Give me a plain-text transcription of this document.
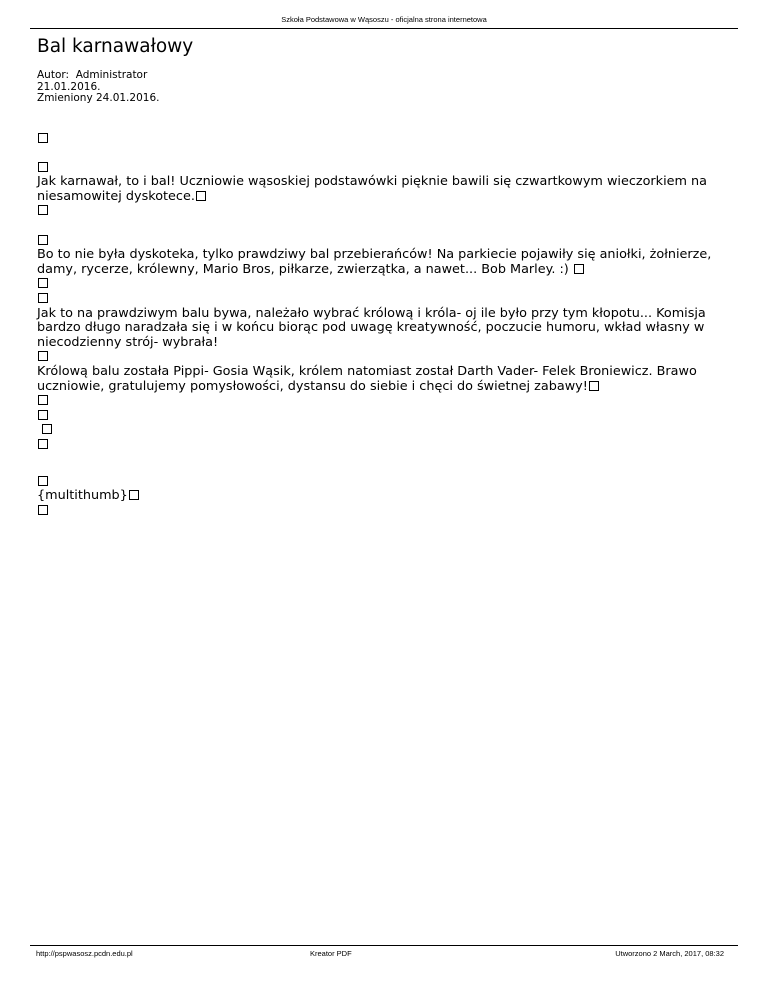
Szkoła Podstawowa w Wąsoszu - oficjalna strona internetowa
Bal karnawałowy
Autor:  Administrator
21.01.2016.
Zmieniony 24.01.2016.
Jak karnawał, to i bal! Uczniowie wąsoskiej podstawówki pięknie bawili się czwartkowym wieczorkiem na niesamowitej dyskotece.
Bo to nie była dyskoteka, tylko prawdziwy bal przebierańców! Na parkiecie pojawiły się aniołki, żołnierze, damy, rycerze, królewny, Mario Bros, piłkarze, zwierzątka, a nawet... Bob Marley. :)
Jak to na prawdziwym balu bywa, należało wybrać królową i króla- oj ile było przy tym kłopotu... Komisja bardzo długo naradzała się i w końcu biorąc pod uwagę kreatywność, poczucie humoru, wkład własny w niecodzienny strój- wybrała!
Królową balu została Pippi- Gosia Wąsik, królem natomiast został Darth Vader- Felek Broniewicz. Brawo uczniowie, gratulujemy pomysłowości, dystansu do siebie i chęci do świetnej zabawy!

{multithumb}
http://pspwasosz.pcdn.edu.pl	Kreator PDF	Utworzono 2 March, 2017, 08:32
